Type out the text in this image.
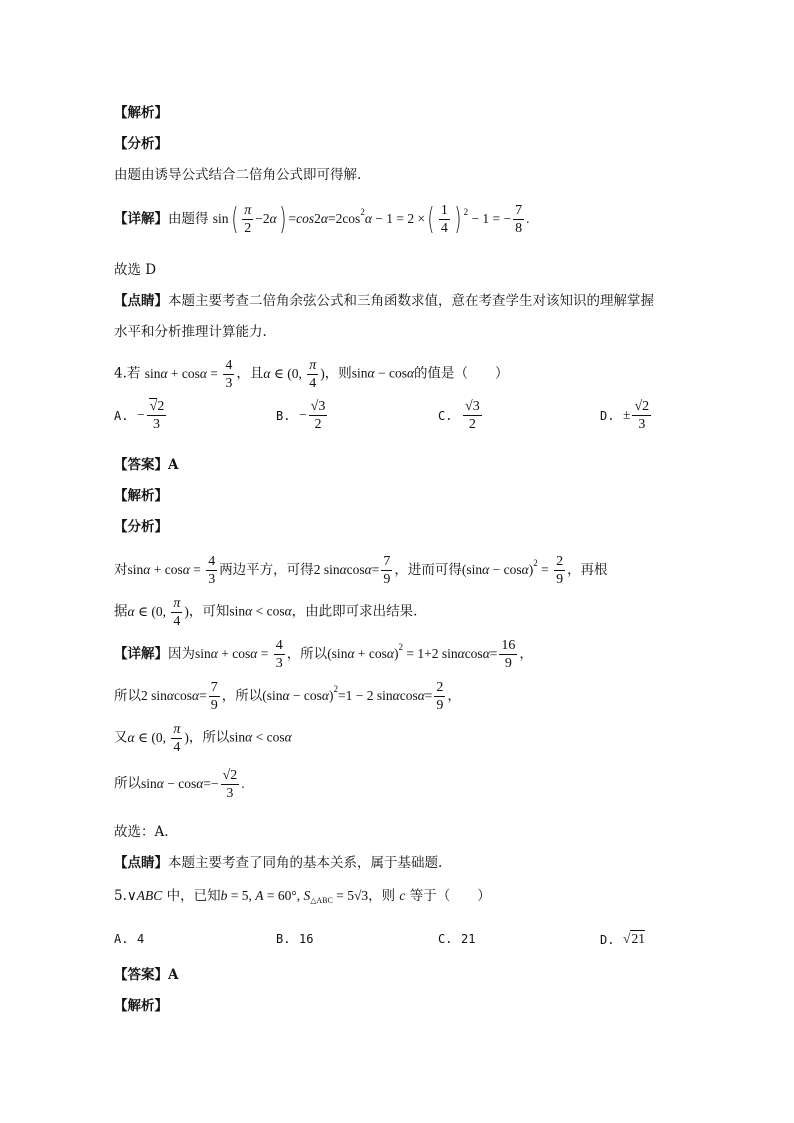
【解析】
【分析】
由题由诱导公式结合二倍角公式即可得解.
【详解】由题得 $\sin( \frac{\pi}{2} -2\alpha) =\cos 2\alpha=2\cos^2\alpha - 1 = 2$ ×( $\frac{1}{4}$ ) $^2$ − 1 = − $\frac{7}{8}$ .
故选 D
【点睛】本题主要考查二倍角余弦公式和三角函数求值，意在考查学生对该知识的理解掌握
水平和分析推理计算能力.
4.若 $\sin\alpha + \cos\alpha = \frac{4}{3}$ ，且α ∈ (0, $\frac{\pi}{4}$ )，则sinα − cosα的值是（　　）
A. − $\frac{√2}{3}$	B. − $\frac{√3}{2}$	C. $\frac{√3}{2}$	D. ± $\frac{√2}{3}$
【答案】A
【解析】
【分析】
对$\sin\alpha + \cos\alpha = \frac{4}{3}$ 两边平方，可得2 $\sin\alpha\cos\alpha= \frac{7}{9}$ ，进而可得$(\sin\alpha - \cos\alpha)^2 = \frac{2}{9}$ ，再根
据α ∈ (0, $\frac{\pi}{4}$ )，可知sinα < cosα，由此即可求出结果.
【详解】因为$\sin\alpha + \cos\alpha = \frac{4}{3}$ ，所以$(\sin\alpha + \cos\alpha)^2 = 1+2$ $\sin\alpha\cos\alpha= \frac{16}{9}$ ，
所以2 $\sin\alpha\cos\alpha= \frac{7}{9}$ ，所以$(\sin\alpha - \cos\alpha)^2=1 - 2$ $\sin\alpha\cos\alpha= \frac{2}{9}$ ，
又α ∈ (0, $\frac{\pi}{4}$ )，所以sinα < cosα
所以$\sin\alpha - \cos\alpha=- \frac{√2}{3}$ .
故选：A.
【点睛】本题主要考查了同角的基本关系，属于基础题.
5.∨ABC 中，已知b = 5, A = 60°, $S_{\triangle ABC} = 5√3$，则 c 等于（　　）
A. 4	B. 16	C. 21	D. √21
【答案】A
【解析】
